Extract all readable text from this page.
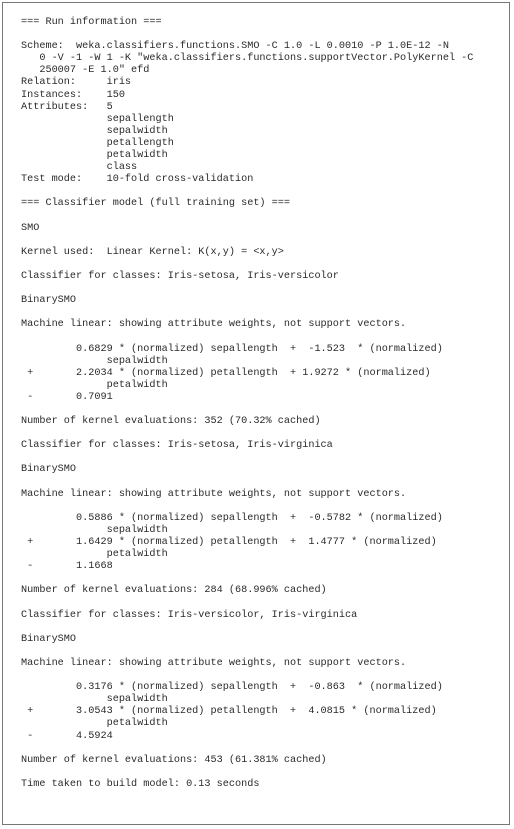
=== Run information ===
Scheme:  weka.classifiers.functions.SMO -C 1.0 -L 0.0010 -P 1.0E-12 -N
0 -V -1 -W 1 -K "weka.classifiers.functions.supportVector.PolyKernel -C
250007 -E 1.0" efd
Relation:     iris
Instances:    150
Attributes:   5
sepallength
sepalwidth
petallength
petalwidth
class
Test mode:    10-fold cross-validation
=== Classifier model (full training set) ===
SMO
Kernel used:  Linear Kernel: K(x,y) = <x,y>
Classifier for classes: Iris-setosa, Iris-versicolor
BinarySMO
Machine linear: showing attribute weights, not support vectors.
0.6829 * (normalized) sepallength  +  -1.523  * (normalized)
sepalwidth
+       2.2034 * (normalized) petallength  + 1.9272 * (normalized)
petalwidth
-       0.7091
Number of kernel evaluations: 352 (70.32% cached)
Classifier for classes: Iris-setosa, Iris-virginica
BinarySMO
Machine linear: showing attribute weights, not support vectors.
0.5886 * (normalized) sepallength  +  -0.5782 * (normalized)
sepalwidth
+       1.6429 * (normalized) petallength  +  1.4777 * (normalized)
petalwidth
-       1.1668
Number of kernel evaluations: 284 (68.996% cached)
Classifier for classes: Iris-versicolor, Iris-virginica
BinarySMO
Machine linear: showing attribute weights, not support vectors.
0.3176 * (normalized) sepallength  +  -0.863  * (normalized)
sepalwidth
+       3.0543 * (normalized) petallength  +  4.0815 * (normalized)
petalwidth
-       4.5924
Number of kernel evaluations: 453 (61.381% cached)
Time taken to build model: 0.13 seconds
